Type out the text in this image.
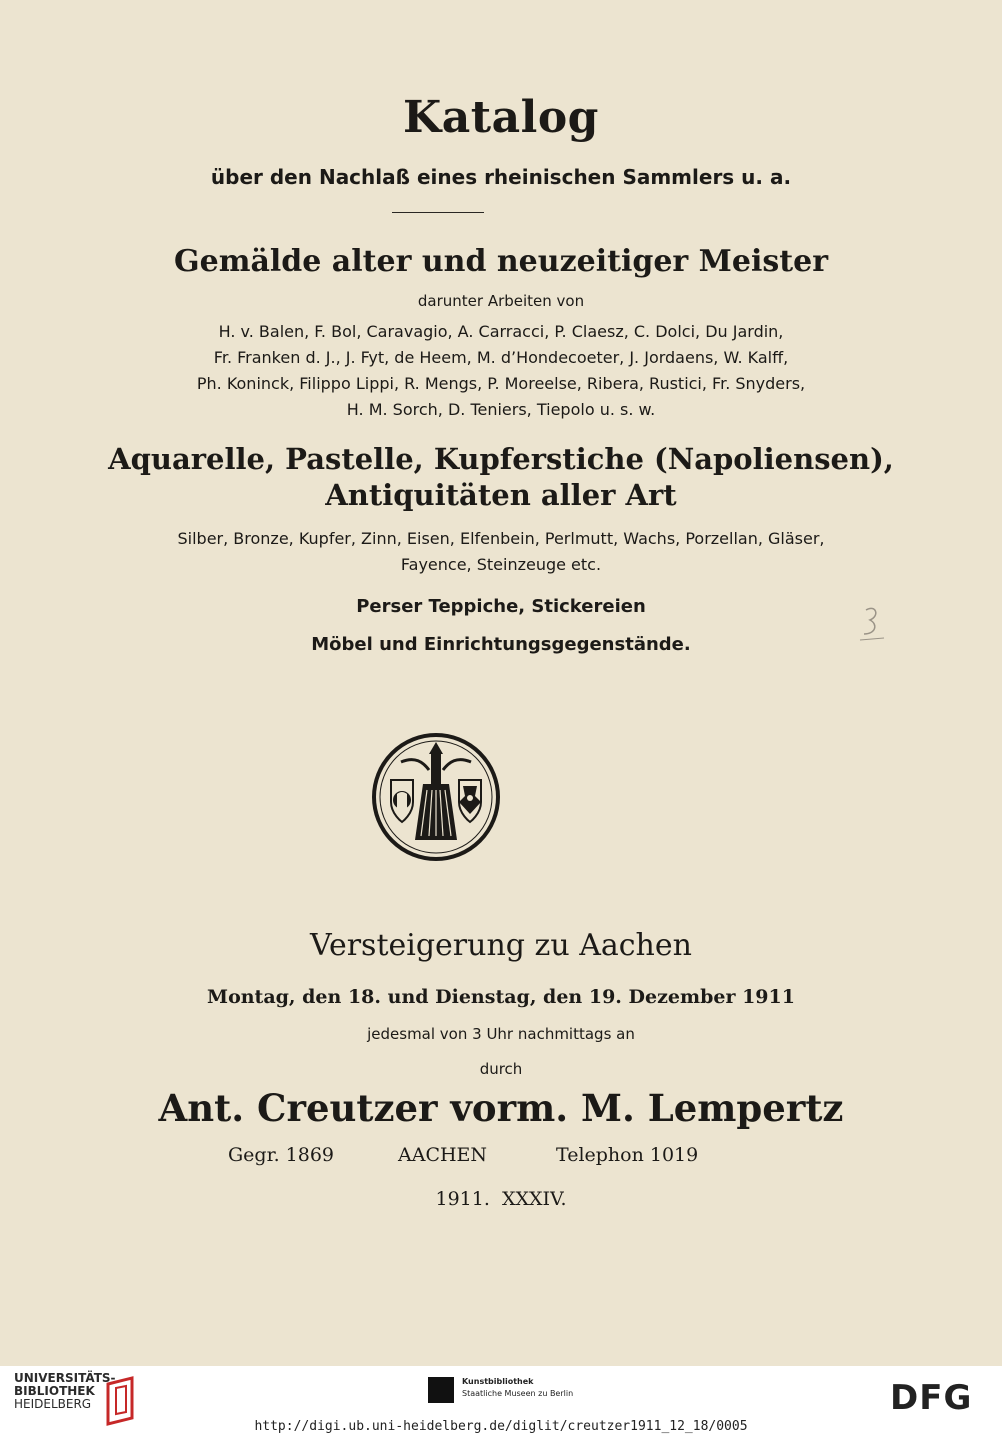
Katalog
über den Nachlaß eines rheinischen Sammlers u. a.
Gemälde alter und neuzeitiger Meister
darunter Arbeiten von
H. v. Balen, F. Bol, Caravagio, A. Carracci, P. Claesz, C. Dolci, Du Jardin,
Fr. Franken d. J., J. Fyt, de Heem, M. d’Hondecoeter, J. Jordaens, W. Kalff,
Ph. Koninck, Filippo Lippi, R. Mengs, P. Moreelse, Ribera, Rustici, Fr. Snyders,
H. M. Sorch, D. Teniers, Tiepolo u. s. w.
Aquarelle, Pastelle, Kupferstiche (Napoliensen),
Antiquitäten aller Art
Silber, Bronze, Kupfer, Zinn, Eisen, Elfenbein, Perlmutt, Wachs, Porzellan, Gläser,
Fayence, Steinzeuge etc.
Perser Teppiche, Stickereien
Möbel und Einrichtungsgegenstände.
Versteigerung zu Aachen
Montag, den 18. und Dienstag, den 19. Dezember 1911
jedesmal von 3 Uhr nachmittags an
durch
Ant. Creutzer vorm. M. Lempertz
Gegr. 1869	AACHEN	Telephon 1019
1911.  XXXIV.
UNIVERSITÄTS-
BIBLIOTHEK
HEIDELBERG
Kunstbibliothek
Staatliche Museen zu Berlin	DFG
http://digi.ub.uni-heidelberg.de/diglit/creutzer1911_12_18/0005
